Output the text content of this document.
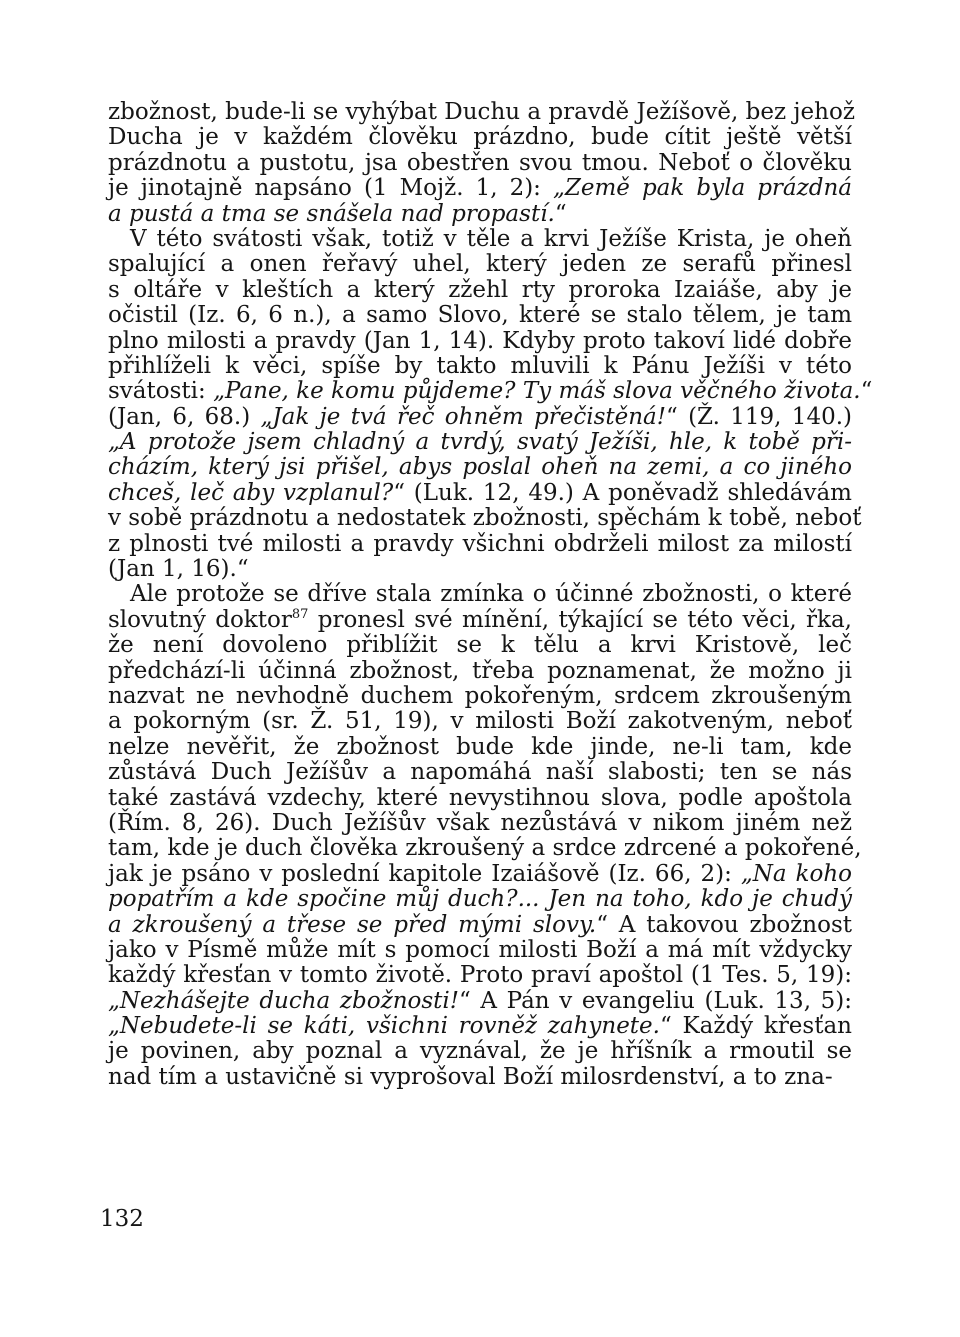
zbožnost, bude-li se vyhýbat Duchu a pravdě Ježíšově, bez jehož
Ducha je v každém člověku prázdno, bude cítit ještě větší
prázdnotu a pustotu, jsa obestřen svou tmou. Neboť o člověku
je jinotajně napsáno (1 Mojž. 1, 2): „Země pak byla prázdná
a pustá a tma se snášela nad propastí.“
V této svátosti však, totiž v těle a krvi Ježíše Krista, je oheň
spalující a onen řeřavý uhel, který jeden ze serafů přinesl
s oltáře v kleštích a který zžehl rty proroka Izaiáše, aby je
očistil (Iz. 6, 6 n.), a samo Slovo, které se stalo tělem, je tam
plno milosti a pravdy (Jan 1, 14). Kdyby proto takoví lidé dobře
přihlíželi k věci, spíše by takto mluvili k Pánu Ježíši v této
svátosti: „Pane, ke komu půjdeme? Ty máš slova věčného života.“
(Jan, 6, 68.) „Jak je tvá řeč ohněm přečistěná!“ (Ž. 119, 140.)
„A protože jsem chladný a tvrdý, svatý Ježíši, hle, k tobě při-
cházím, který jsi přišel, abys poslal oheň na zemi, a co jiného
chceš, leč aby vzplanul?“ (Luk. 12, 49.) A poněvadž shledávám
v sobě prázdnotu a nedostatek zbožnosti, spěchám k tobě, neboť
z plnosti tvé milosti a pravdy všichni obdrželi milost za milostí
(Jan 1, 16).“
Ale protože se dříve stala zmínka o účinné zbožnosti, o které
slovutný doktor$^{87}$ pronesl své mínění, týkající se této věci, řka,
že není dovoleno přiblížit se k tělu a krvi Kristově, leč
předchází-li účinná zbožnost, třeba poznamenat, že možno ji
nazvat ne nevhodně duchem pokořeným, srdcem zkroušeným
a pokorným (sr. Ž. 51, 19), v milosti Boží zakotveným, neboť
nelze nevěřit, že zbožnost bude kde jinde, ne-li tam, kde
zůstává Duch Ježíšův a napomáhá naší slabosti; ten se nás
také zastává vzdechy, které nevystihnou slova, podle apoštola
(Řím. 8, 26). Duch Ježíšův však nezůstává v nikom jiném než
tam, kde je duch člověka zkroušený a srdce zdrcené a pokořené,
jak je psáno v poslední kapitole Izaiášově (Iz. 66, 2): „Na koho
popatřím a kde spočine můj duch?... Jen na toho, kdo je chudý
a zkroušený a třese se před mými slovy.“ A takovou zbožnost
jako v Písmě může mít s pomocí milosti Boží a má mít vždycky
každý křesťan v tomto životě. Proto praví apoštol (1 Tes. 5, 19):
„Nezhášejte ducha zbožnosti!“ A Pán v evangeliu (Luk. 13, 5):
„Nebudete-li se káti, všichni rovněž zahynete.“ Každý křesťan
je povinen, aby poznal a vyznával, že je hříšník a rmoutil se
nad tím a ustavičně si vyprošoval Boží milosrdenství, a to zna-
132
